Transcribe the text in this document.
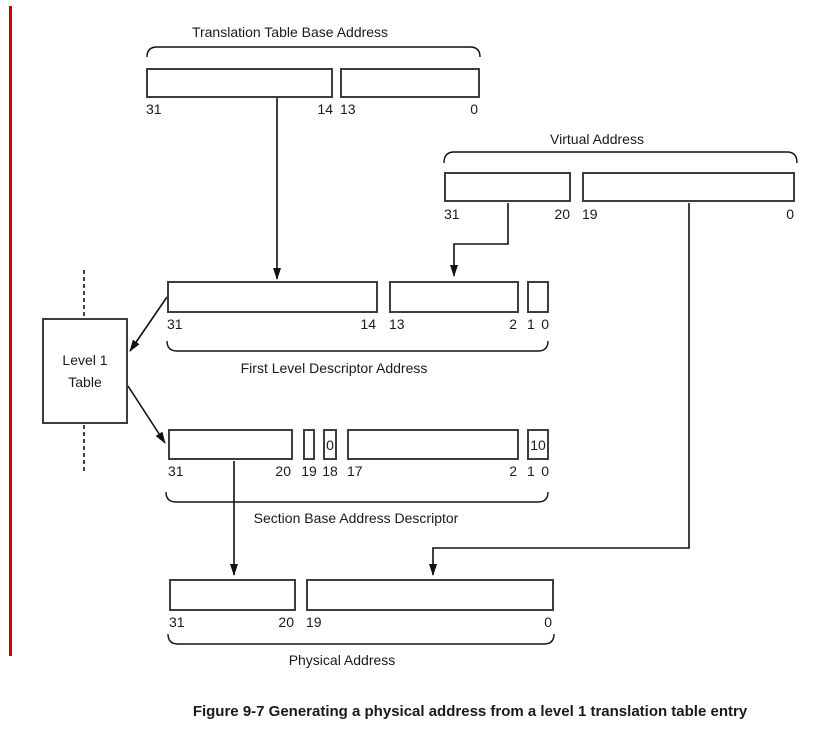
Translation Table Base Address
31	14 13	0
Virtual Address
31	20 19	0
31	14 13	2 1 0
First Level Descriptor Address
Level 1
Table
0	10
31	20 19 18 17	2 1 0
Section Base Address Descriptor
31	20 19	0
Physical Address
Figure 9-7 Generating a physical address from a level 1 translation table entry
